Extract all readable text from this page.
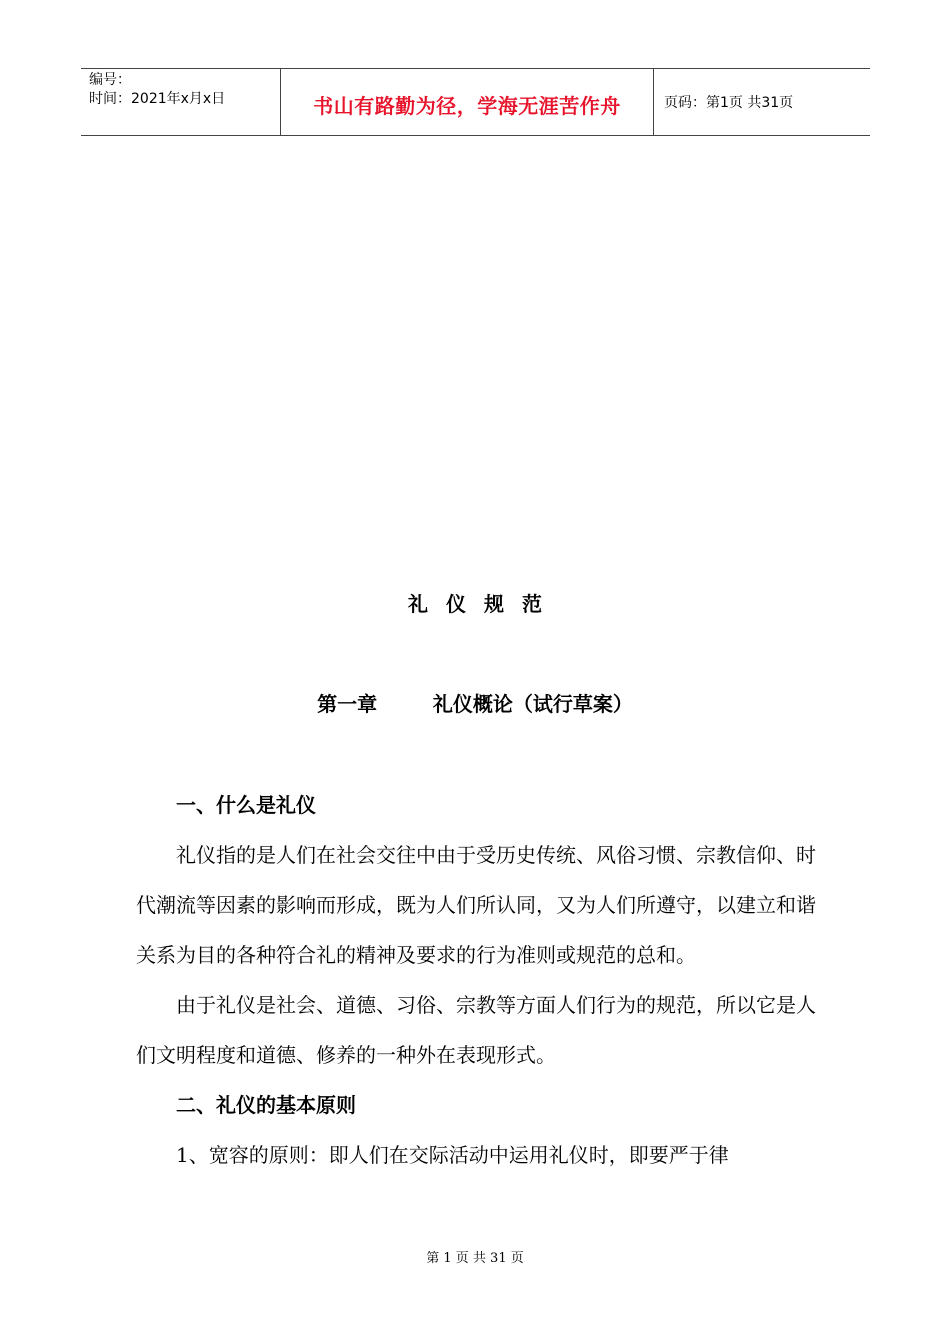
编号：
时间：2021年x月x日	书山有路勤为径，学海无涯苦作舟	页码：第1页 共31页
礼仪规范
第一章        礼仪概论（试行草案）

一、什么是礼仪

礼仪指的是人们在社会交往中由于受历史传统、风俗习惯、宗教信仰、时代潮流等因素的影响而形成，既为人们所认同，又为人们所遵守，以建立和谐关系为目的各种符合礼的精神及要求的行为准则或规范的总和。

由于礼仪是社会、道德、习俗、宗教等方面人们行为的规范，所以它是人们文明程度和道德、修养的一种外在表现形式。

二、礼仪的基本原则

1、宽容的原则：即人们在交际活动中运用礼仪时，即要严于律

第 1 页 共 31 页
